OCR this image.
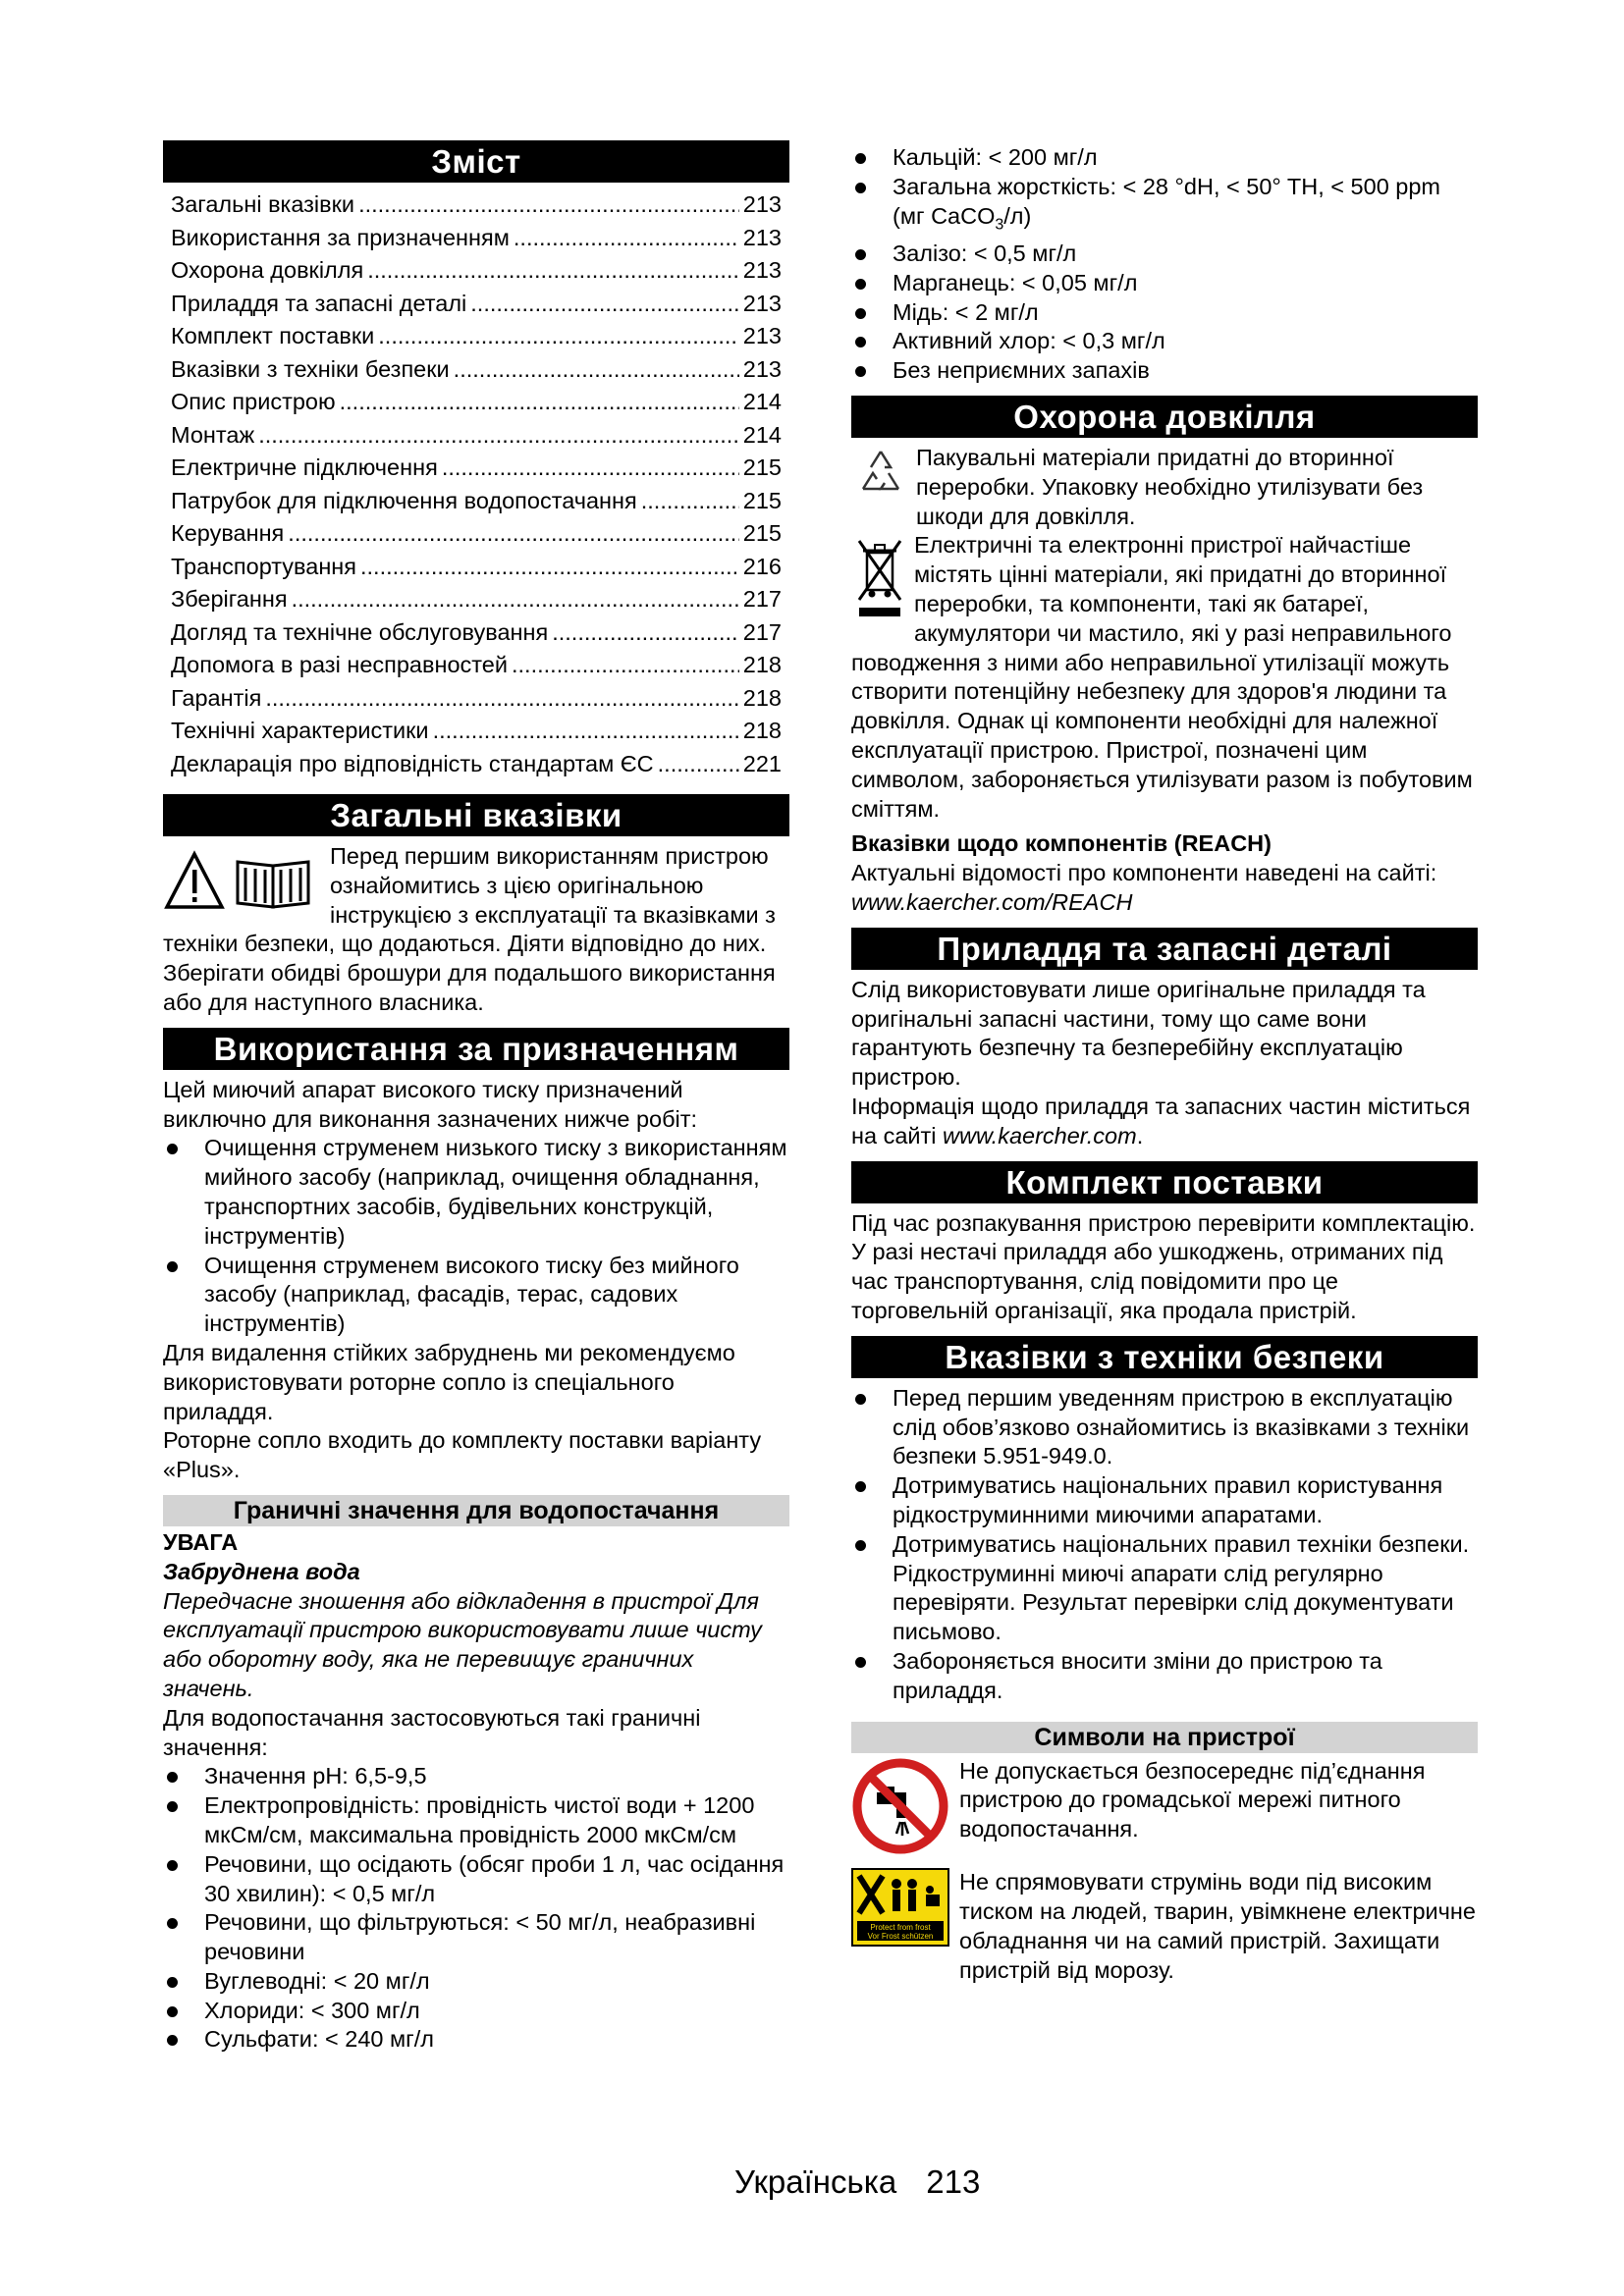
Зміст
Загальні вказівки .....	213
Використання за призначенням .....	213
Охорона довкілля .....	213
Приладдя та запасні деталі .....	213
Комплект поставки .....	213
Вказівки з техніки безпеки .....	213
Опис пристрою .....	214
Монтаж .....	214
Електричне підключення .....	215
Патрубок для підключення водопостачання .....	215
Керування .....	215
Транспортування .....	216
Зберігання .....	217
Догляд та технічне обслуговування .....	217
Допомога в разі несправностей .....	218
Гарантія .....	218
Технічні характеристики .....	218
Декларація про відповідність стандартам ЄС .....	221
Загальні вказівки

Перед першим використанням пристрою ознайомитись з цією оригінальною інструкцією з експлуатації та вказівками з техніки безпеки, що додаються. Діяти відповідно до них.

Зберігати обидві брошури для подальшого використання або для наступного власника.

Використання за призначенням

Цей миючий апарат високого тиску призначений виключно для виконання зазначених нижче робіт:

Очищення струменем низького тиску з використанням мийного засобу (наприклад, очищення обладнання, транспортних засобів, будівельних конструкцій, інструментів)
Очищення струменем високого тиску без мийного засобу (наприклад, фасадів, терас, садових інструментів)

Для видалення стійких забруднень ми рекомендуємо використовувати роторне сопло із спеціального приладдя.

Роторне сопло входить до комплекту поставки варіанту «Plus».

Граничні значення для водопостачання

УВАГА

Забруднена вода

Передчасне зношення або відкладення в пристрої Для експлуатації пристрою використовувати лише чисту або оборотну воду, яка не перевищує граничних значень.

Для водопостачання застосовуються такі граничні значення:

Значення pH: 6,5-9,5
Електропровідність: провідність чистої води + 1200 мкСм/см, максимальна провідність 2000 мкСм/см
Речовини, що осідають (обсяг проби 1 л, час осідання 30 хвилин): < 0,5 мг/л
Речовини, що фільтруються: < 50 мг/л, неабразивні речовини
Вуглеводні: < 20 мг/л
Хлориди: < 300 мг/л
Сульфати: < 240 мг/л
Кальцій: < 200 мг/л
Загальна жорсткість: < 28 °dH, < 50° TH, < 500 ppm (мг CaCO$_3$/л)
Залізо: < 0,5 мг/л
Марганець: < 0,05 мг/л
Мідь: < 2 мг/л
Активний хлор: < 0,3 мг/л
Без неприємних запахів
Охорона довкілля

Пакувальні матеріали придатні до вторинної переробки. Упаковку необхідно утилізувати без шкоди для довкілля.

Електричні та електронні пристрої найчастіше містять цінні матеріали, які придатні до вторинної переробки, та компоненти, такі як батареї, акумулятори чи мастило, які у разі неправильного поводження з ними або неправильної утилізації можуть створити потенційну небезпеку для здоров'я людини та довкілля. Однак ці компоненти необхідні для належної експлуатації пристрою. Пристрої, позначені цим символом, забороняється утилізувати разом із побутовим сміттям.

Вказівки щодо компонентів (REACH)

Актуальні відомості про компоненти наведені на сайті: www.kaercher.com/REACH

Приладдя та запасні деталі

Слід використовувати лише оригінальне приладдя та оригінальні запасні частини, тому що саме вони гарантують безпечну та безперебійну експлуатацію пристрою.

Інформація щодо приладдя та запасних частин міститься на сайті www.kaercher.com.

Комплект поставки

Під час розпакування пристрою перевірити комплектацію. У разі нестачі приладдя або ушкоджень, отриманих під час транспортування, слід повідомити про це торговельній організації, яка продала пристрій.

Вказівки з техніки безпеки
Перед першим уведенням пристрою в експлуатацію слід обов’язково ознайомитись із вказівками з техніки безпеки 5.951-949.0.
Дотримуватись національних правил користування рідкоструминними миючими апаратами.
Дотримуватись національних правил техніки безпеки. Рідкоструминні миючі апарати слід регулярно перевіряти. Результат перевірки слід документувати письмово.
Забороняється вносити зміни до пристрою та приладдя.
Символи на пристрої

Не допускається безпосереднє під’єднання пристрою до громадської мережі питного водопостачання.

Protect from frost
Vor Frost schützen

Не спрямовувати струмінь води під високим тиском на людей, тварин, увімкнене електричне обладнання чи на самий пристрій. Захищати пристрій від морозу.

Українська 213
